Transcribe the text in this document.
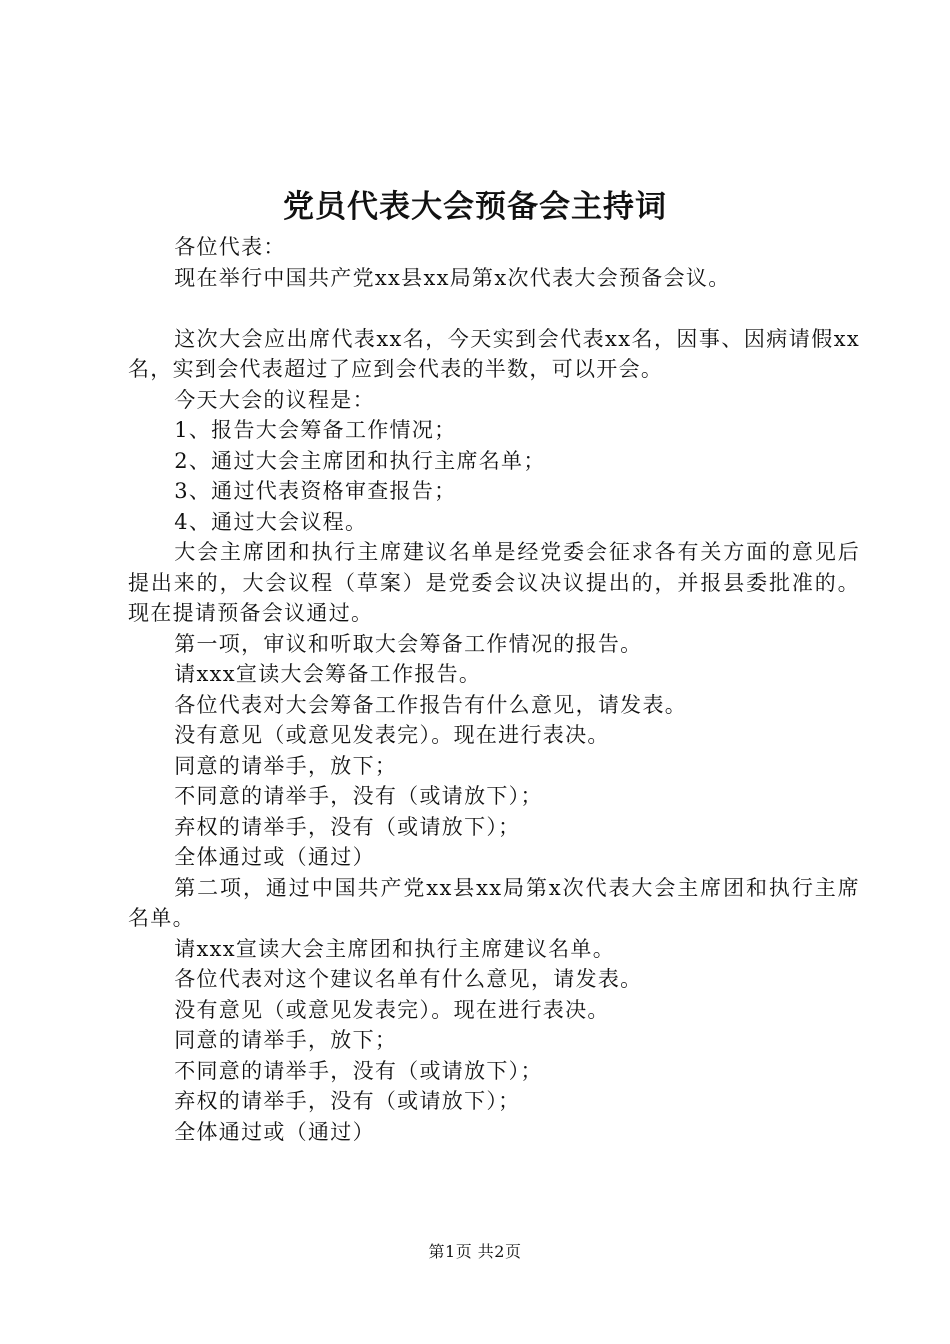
党员代表大会预备会主持词

各位代表：

现在举行中国共产党xx县xx局第x次代表大会预备会议。

这次大会应出席代表xx名，今天实到会代表xx名，因事、因病请假xx名，实到会代表超过了应到会代表的半数，可以开会。

今天大会的议程是：

1、报告大会筹备工作情况；

2、通过大会主席团和执行主席名单；

3、通过代表资格审查报告；

4、通过大会议程。

大会主席团和执行主席建议名单是经党委会征求各有关方面的意见后提出来的，大会议程（草案）是党委会议决议提出的，并报县委批准的。现在提请预备会议通过。

第一项，审议和听取大会筹备工作情况的报告。

请xxx宣读大会筹备工作报告。

各位代表对大会筹备工作报告有什么意见，请发表。

没有意见（或意见发表完）。现在进行表决。

同意的请举手，放下；

不同意的请举手，没有（或请放下）；

弃权的请举手，没有（或请放下）；

全体通过或（通过）

第二项，通过中国共产党xx县xx局第x次代表大会主席团和执行主席名单。

请xxx宣读大会主席团和执行主席建议名单。

各位代表对这个建议名单有什么意见，请发表。

没有意见（或意见发表完）。现在进行表决。

同意的请举手，放下；

不同意的请举手，没有（或请放下）；

弃权的请举手，没有（或请放下）；

全体通过或（通过）

第1页 共2页
